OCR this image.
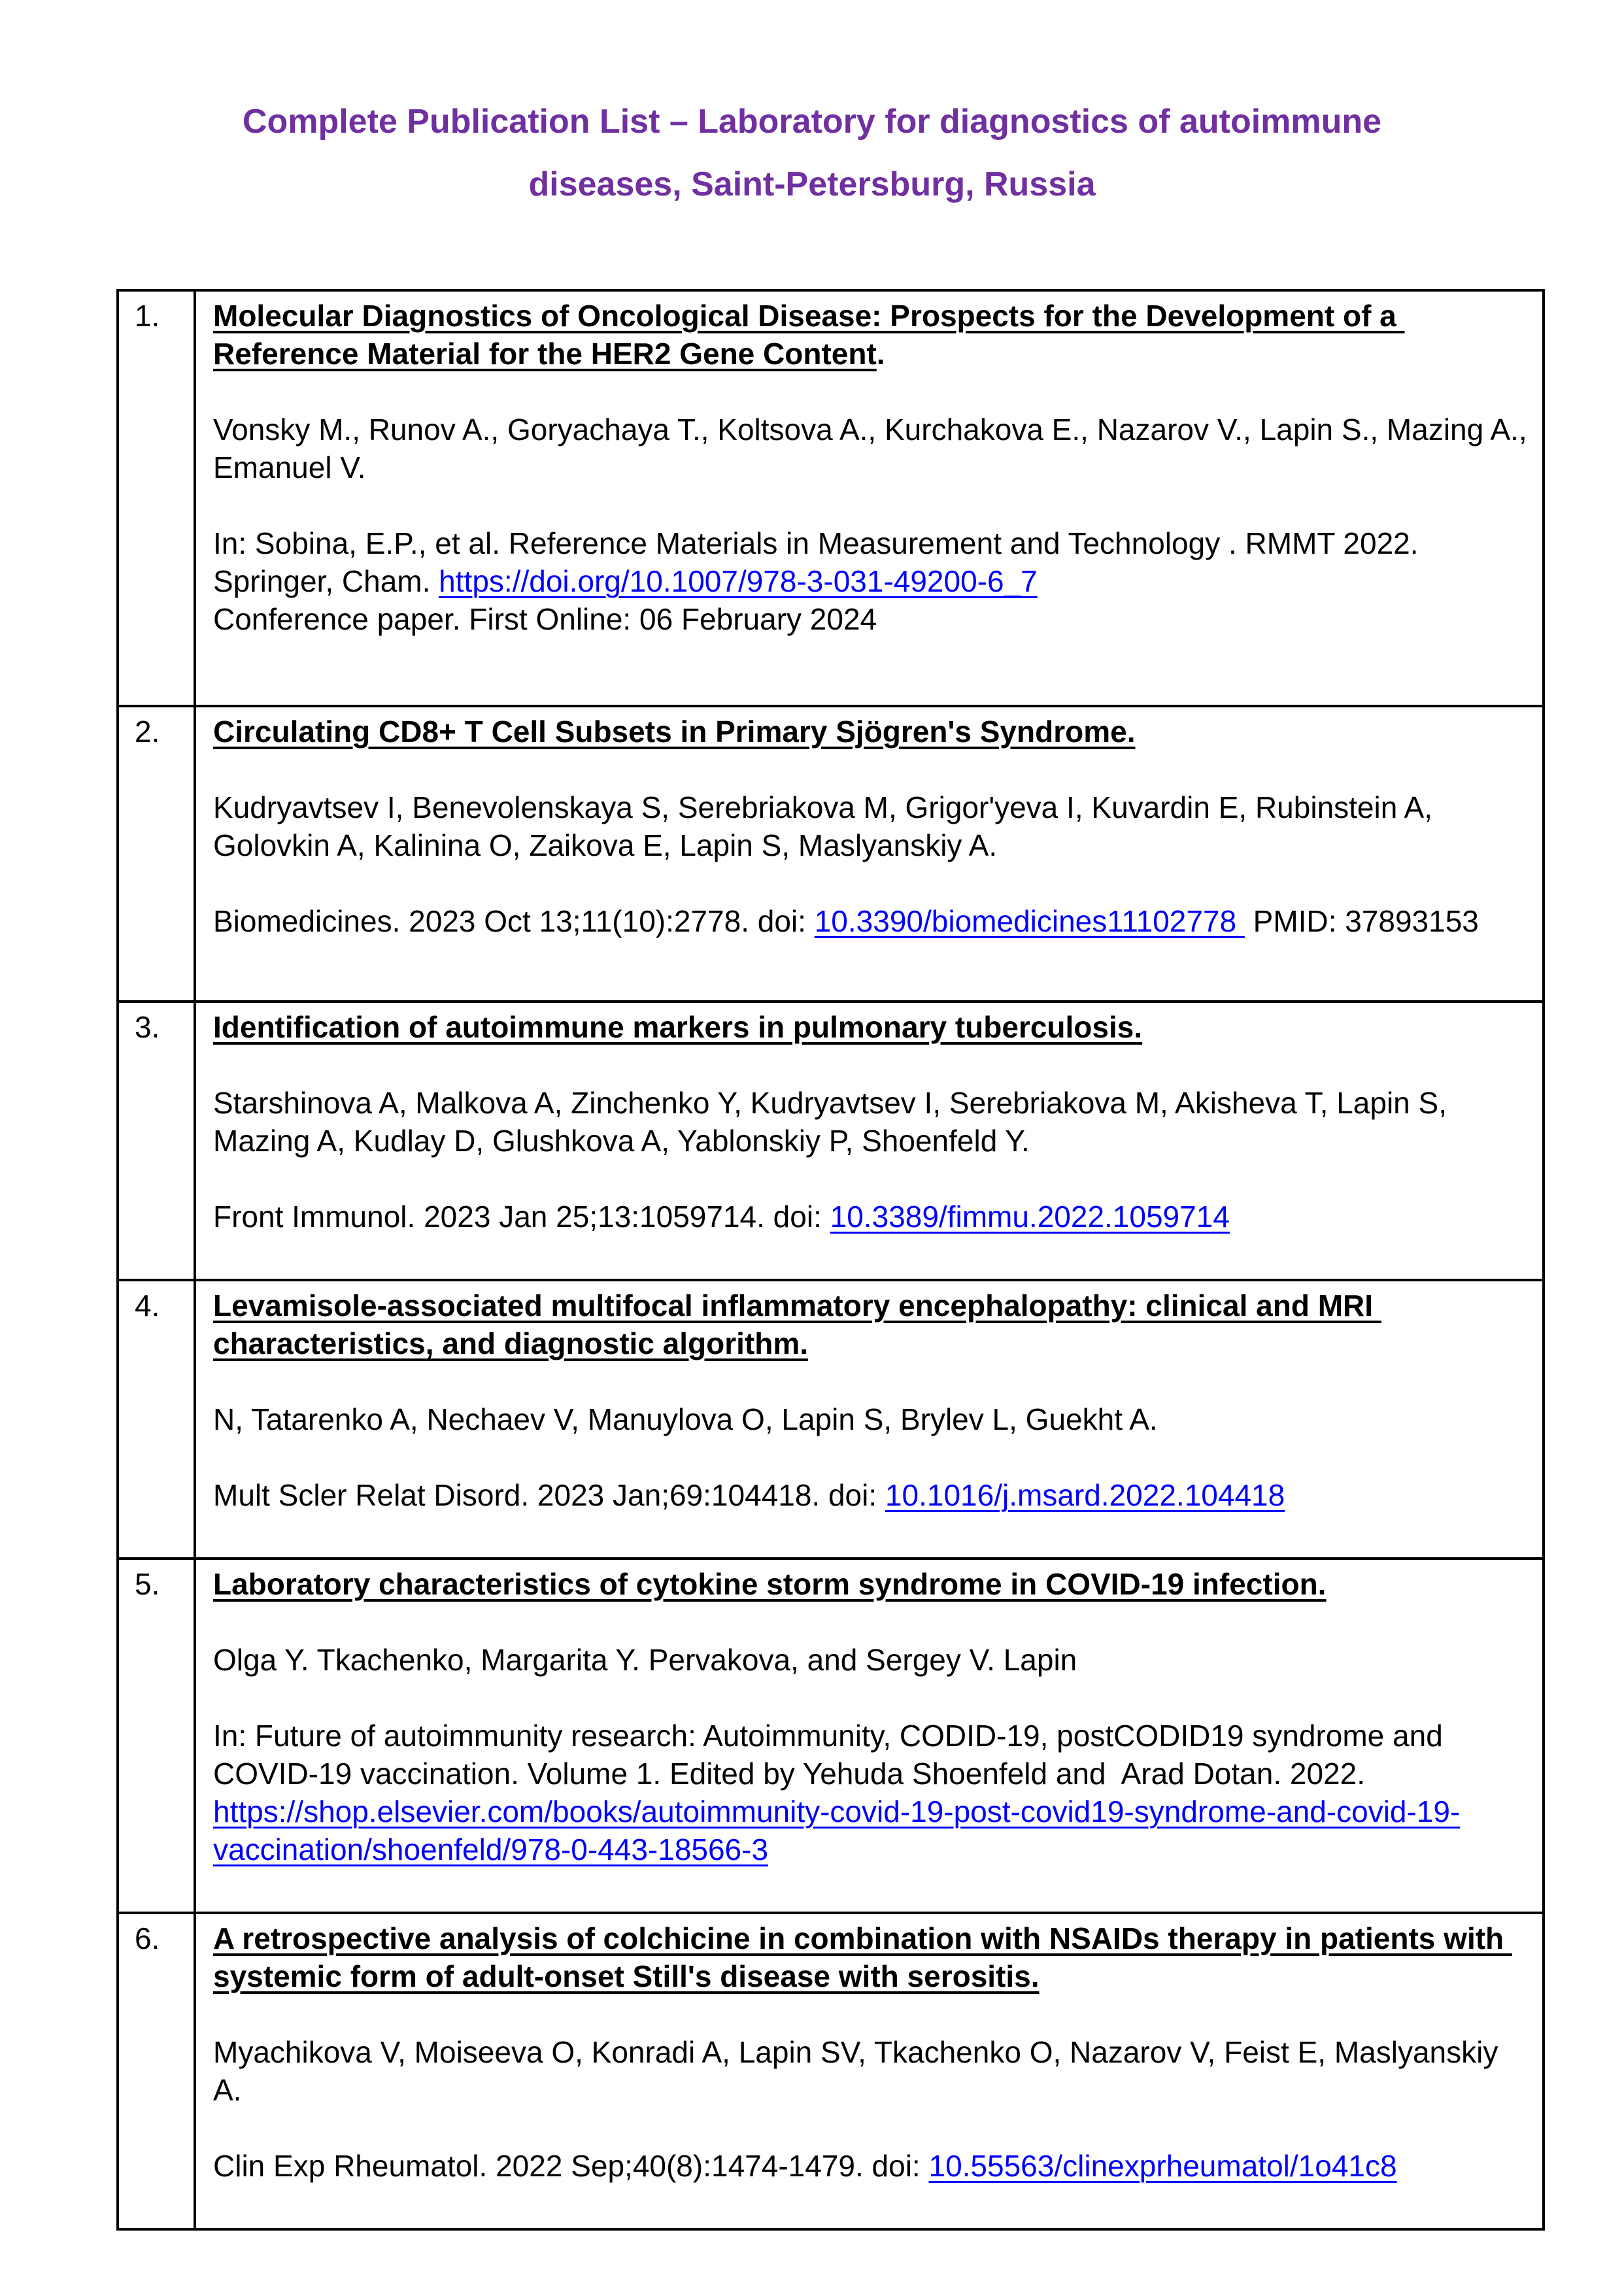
Complete Publication List – Laboratory for diagnostics of autoimmune
diseases, Saint-Petersburg, Russia
1.	Molecular Diagnostics of Oncological Disease: Prospects for the Development of a Reference Material for the HER2 Gene Content.

Vonsky M., Runov A., Goryachaya T., Koltsova A., Kurchakova E., Nazarov V., Lapin S., Mazing A., Emanuel V.

In: Sobina, E.P., et al. Reference Materials in Measurement and Technology . RMMT 2022. Springer, Cham. https://doi.org/10.1007/978-3-031-49200-6_7
Conference paper. First Online: 06 February 2024

2.	Circulating CD8+ T Cell Subsets in Primary Sjögren's Syndrome.

Kudryavtsev I, Benevolenskaya S, Serebriakova M, Grigor'yeva I, Kuvardin E, Rubinstein A, Golovkin A, Kalinina O, Zaikova E, Lapin S, Maslyanskiy A.

Biomedicines. 2023 Oct 13;11(10):2778. doi: 10.3390/biomedicines11102778  PMID: 37893153

3.	Identification of autoimmune markers in pulmonary tuberculosis.

Starshinova A, Malkova A, Zinchenko Y, Kudryavtsev I, Serebriakova M, Akisheva T, Lapin S, Mazing A, Kudlay D, Glushkova A, Yablonskiy P, Shoenfeld Y.

Front Immunol. 2023 Jan 25;13:1059714. doi: 10.3389/fimmu.2022.1059714

4.	Levamisole-associated multifocal inflammatory encephalopathy: clinical and MRI characteristics, and diagnostic algorithm.

N, Tatarenko A, Nechaev V, Manuylova O, Lapin S, Brylev L, Guekht A.

Mult Scler Relat Disord. 2023 Jan;69:104418. doi: 10.1016/j.msard.2022.104418

5.	Laboratory characteristics of cytokine storm syndrome in COVID-19 infection.

Olga Y. Tkachenko, Margarita Y. Pervakova, and Sergey V. Lapin

In: Future of autoimmunity research: Autoimmunity, CODID-19, postCODID19 syndrome and COVID-19 vaccination. Volume 1. Edited by Yehuda Shoenfeld and  Arad Dotan. 2022. https://shop.elsevier.com/books/autoimmunity-covid-19-post-covid19-syndrome-and-covid-19-vaccination/shoenfeld/978-0-443-18566-3

6.	A retrospective analysis of colchicine in combination with NSAIDs therapy in patients with systemic form of adult-onset Still's disease with serositis.

Myachikova V, Moiseeva O, Konradi A, Lapin SV, Tkachenko O, Nazarov V, Feist E, Maslyanskiy A.

Clin Exp Rheumatol. 2022 Sep;40(8):1474-1479. doi: 10.55563/clinexprheumatol/1o41c8
